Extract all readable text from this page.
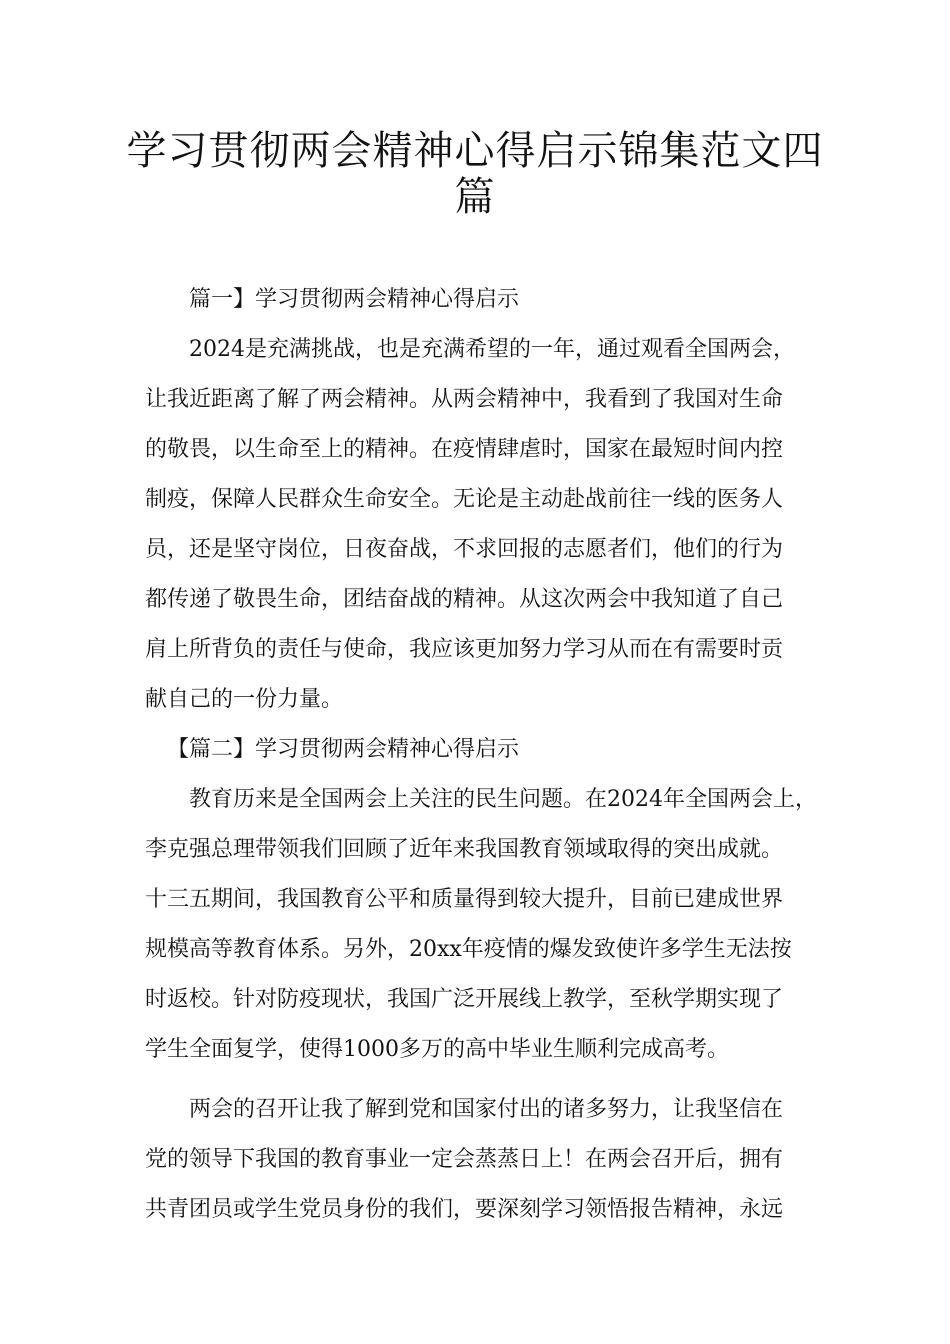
学习贯彻两会精神心得启示锦集范文四
篇
篇一】学习贯彻两会精神心得启示
2024是充满挑战，也是充满希望的一年，通过观看全国两会，
让我近距离了解了两会精神。从两会精神中，我看到了我国对生命
的敬畏，以生命至上的精神。在疫情肆虐时，国家在最短时间内控
制疫，保障人民群众生命安全。无论是主动赴战前往一线的医务人
员，还是坚守岗位，日夜奋战，不求回报的志愿者们，他们的行为
都传递了敬畏生命，团结奋战的精神。从这次两会中我知道了自己
肩上所背负的责任与使命，我应该更加努力学习从而在有需要时贡
献自己的一份力量。
【篇二】学习贯彻两会精神心得启示
教育历来是全国两会上关注的民生问题。在2024年全国两会上，
李克强总理带领我们回顾了近年来我国教育领域取得的突出成就。
十三五期间，我国教育公平和质量得到较大提升，目前已建成世界
规模高等教育体系。另外，20xx年疫情的爆发致使许多学生无法按
时返校。针对防疫现状，我国广泛开展线上教学，至秋学期实现了
学生全面复学，使得1000多万的高中毕业生顺利完成高考。
两会的召开让我了解到党和国家付出的诸多努力，让我坚信在
党的领导下我国的教育事业一定会蒸蒸日上！在两会召开后，拥有
共青团员或学生党员身份的我们，要深刻学习领悟报告精神，永远
